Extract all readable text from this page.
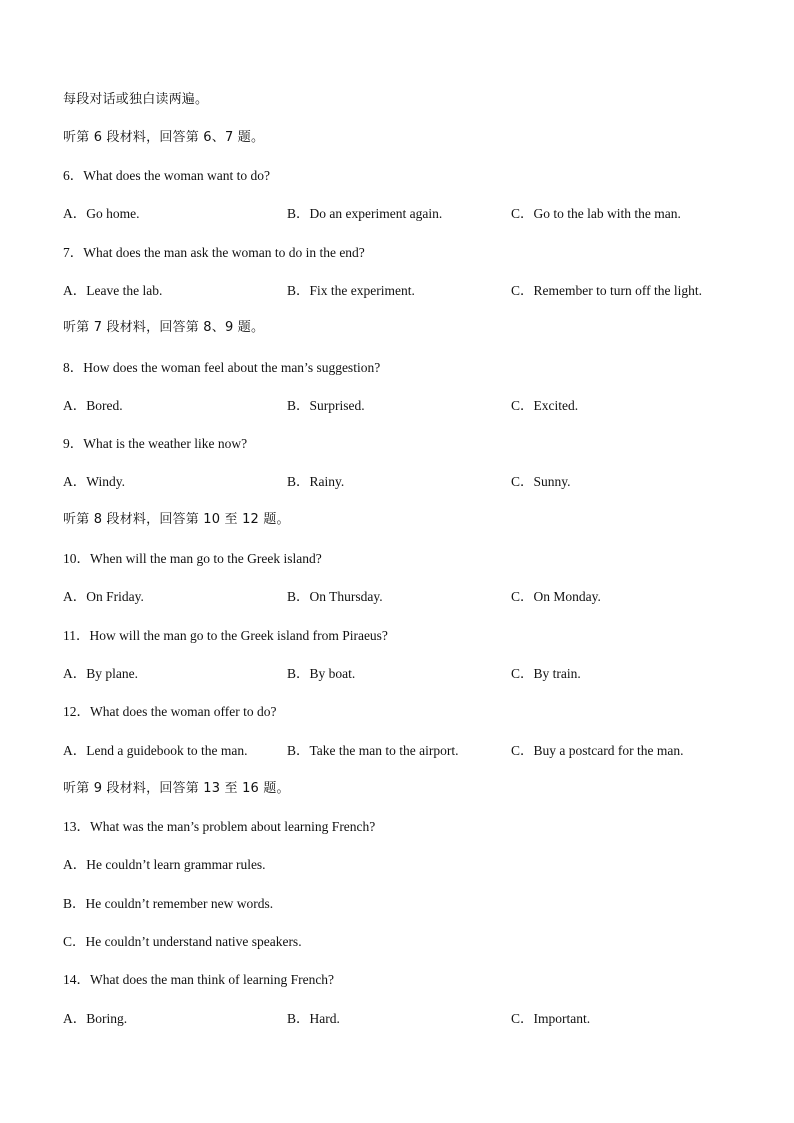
每段对话或独白读两遍。
听第 6 段材料，回答第 6、7 题。
6．What does the woman want to do?
A．Go home.	B．Do an experiment again.	C．Go to the lab with the man.
7．What does the man ask the woman to do in the end?
A．Leave the lab.	B．Fix the experiment.	C．Remember to turn off the light.
听第 7 段材料，回答第 8、9 题。
8．How does the woman feel about the man’s suggestion?
A．Bored.	B．Surprised.	C．Excited.
9．What is the weather like now?
A．Windy.	B．Rainy.	C．Sunny.
听第 8 段材料，回答第 10 至 12 题。
10．When will the man go to the Greek island?
A．On Friday.	B．On Thursday.	C．On Monday.
11．How will the man go to the Greek island from Piraeus?
A．By plane.	B．By boat.	C．By train.
12．What does the woman offer to do?
A．Lend a guidebook to the man.	B．Take the man to the airport.	C．Buy a postcard for the man.
听第 9 段材料，回答第 13 至 16 题。
13．What was the man’s problem about learning French?
A．He couldn’t learn grammar rules.
B．He couldn’t remember new words.
C．He couldn’t understand native speakers.
14．What does the man think of learning French?
A．Boring.	B．Hard.	C．Important.
